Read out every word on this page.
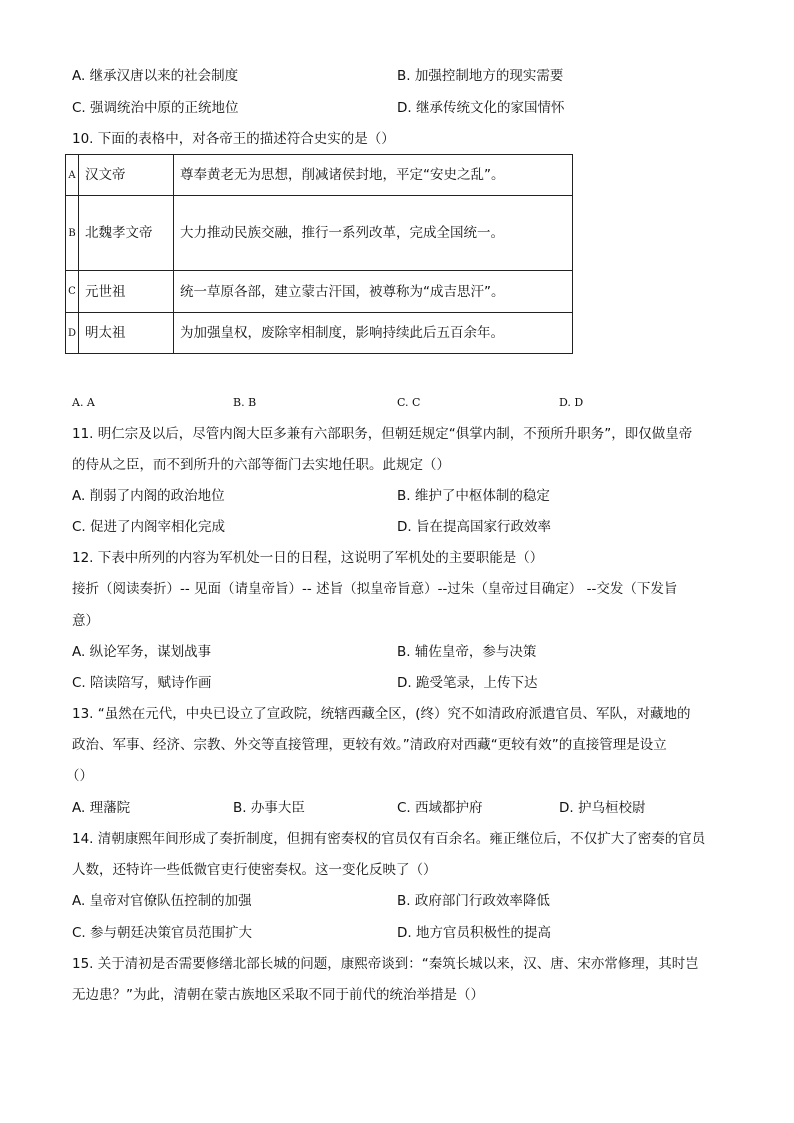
A. 继承汉唐以来的社会制度	B. 加强控制地方的现实需要
C. 强调统治中原的正统地位	D. 继承传统文化的家国情怀
10. 下面的表格中，对各帝王的描述符合史实的是（）
A	汉文帝	尊奉黄老无为思想，削减诸侯封地，平定“安史之乱”。
B	北魏孝文帝	大力推动民族交融，推行一系列改革，完成全国统一。
C	元世祖	统一草原各部，建立蒙古汗国，被尊称为“成吉思汗”。
D	明太祖	为加强皇权，废除宰相制度，影响持续此后五百余年。
A. A	B. B	C. C	D. D
11. 明仁宗及以后，尽管内阁大臣多兼有六部职务，但朝廷规定“俱掌内制，不预所升职务”，即仅做皇帝
的侍从之臣，而不到所升的六部等衙门去实地任职。此规定（）
A. 削弱了内阁的政治地位	B. 维护了中枢体制的稳定
C. 促进了内阁宰相化完成	D. 旨在提高国家行政效率
12. 下表中所列的内容为军机处一日的日程，这说明了军机处的主要职能是（）
接折（阅读奏折）-- 见面（请皇帝旨）-- 述旨（拟皇帝旨意）--过朱（皇帝过目确定） --交发（下发旨
意）
A. 纵论军务，谋划战事	B. 辅佐皇帝，参与决策
C. 陪读陪写，赋诗作画	D. 跪受笔录，上传下达
13. “虽然在元代，中央已设立了宣政院，统辖西藏全区，(终）究不如清政府派遣官员、军队，对藏地的
政治、军事、经济、宗教、外交等直接管理，更较有效。”清政府对西藏“更较有效”的直接管理是设立
（）
A. 理藩院	B. 办事大臣	C. 西域都护府	D. 护乌桓校尉
14. 清朝康熙年间形成了奏折制度，但拥有密奏权的官员仅有百余名。雍正继位后，不仅扩大了密奏的官员
人数，还特许一些低微官吏行使密奏权。这一变化反映了（）
A. 皇帝对官僚队伍控制的加强	B. 政府部门行政效率降低
C. 参与朝廷决策官员范围扩大	D. 地方官员积极性的提高
15. 关于清初是否需要修缮北部长城的问题，康熙帝谈到：“秦筑长城以来，汉、唐、宋亦常修理，其时岂
无边患？”为此，清朝在蒙古族地区采取不同于前代的统治举措是（）
